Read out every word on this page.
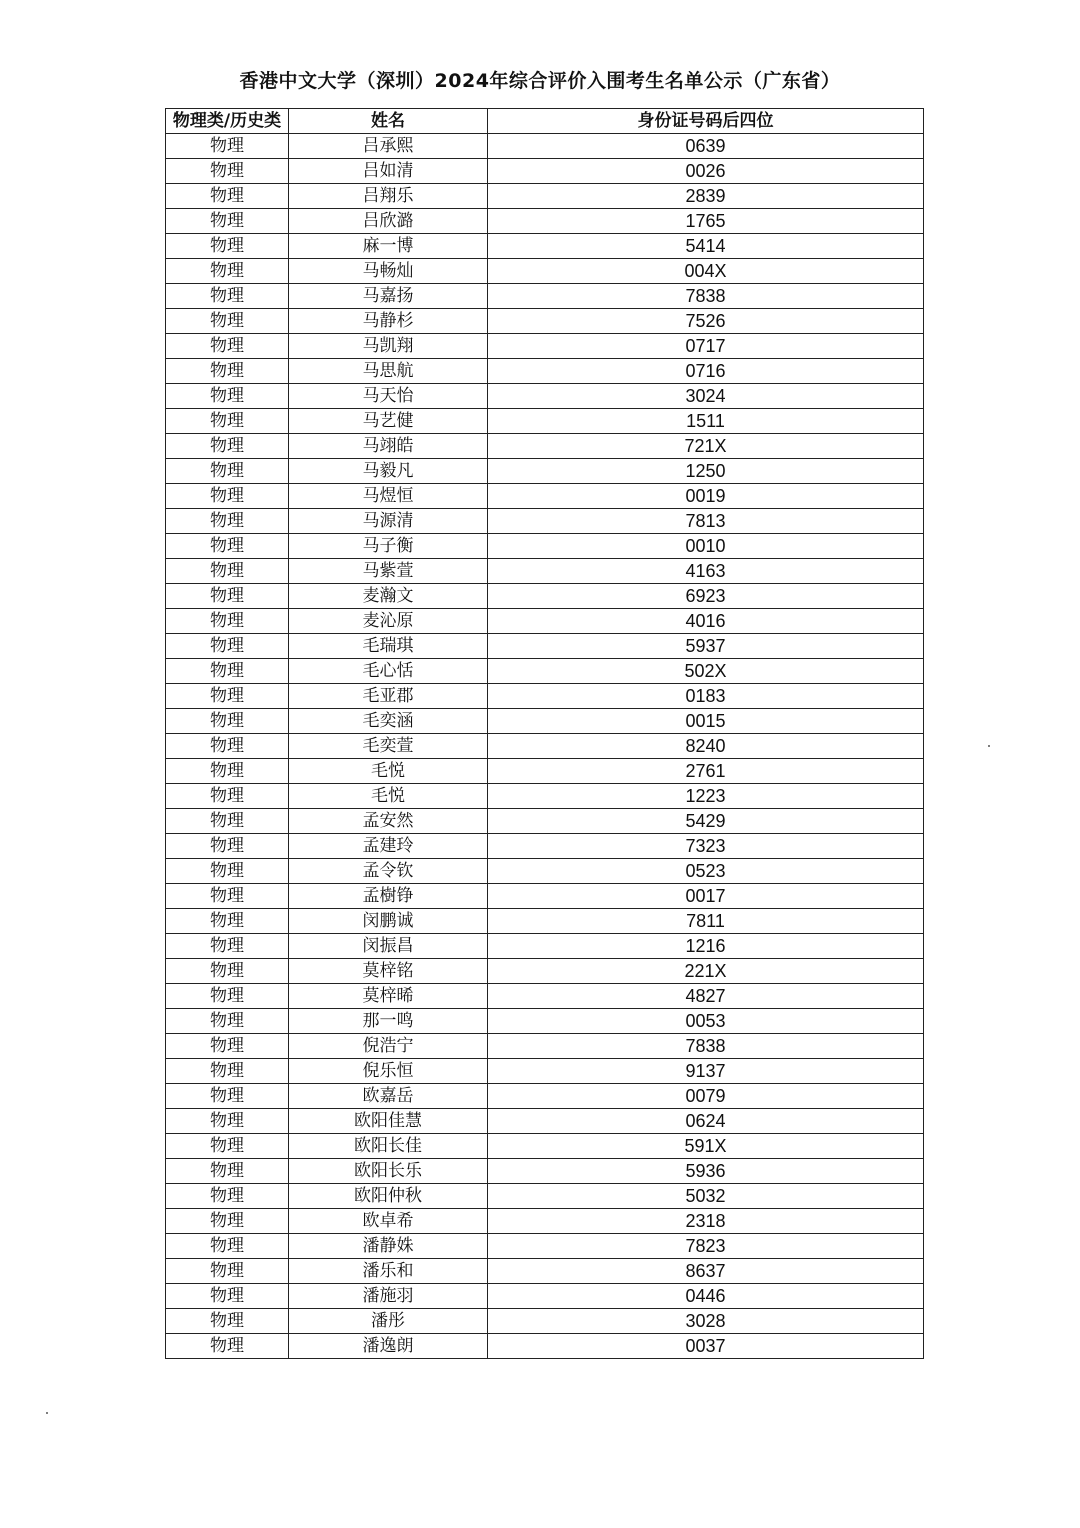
香港中文大学（深圳）2024年综合评价入围考生名单公示（广东省）
物理类/历史类	姓名	身份证号码后四位
物理	吕承熙	0639
物理	吕如清	0026
物理	吕翔乐	2839
物理	吕欣潞	1765
物理	麻一博	5414
物理	马畅灿	004X
物理	马嘉扬	7838
物理	马静杉	7526
物理	马凯翔	0717
物理	马思航	0716
物理	马天怡	3024
物理	马艺健	1511
物理	马翊皓	721X
物理	马毅凡	1250
物理	马煜恒	0019
物理	马源清	7813
物理	马子衡	0010
物理	马紫萱	4163
物理	麦瀚文	6923
物理	麦沁原	4016
物理	毛瑞琪	5937
物理	毛心恬	502X
物理	毛亚郡	0183
物理	毛奕涵	0015
物理	毛奕萱	8240
物理	毛悦	2761
物理	毛悦	1223
物理	孟安然	5429
物理	孟建玲	7323
物理	孟令钦	0523
物理	孟樹铮	0017
物理	闵鹏诚	7811
物理	闵振昌	1216
物理	莫梓铭	221X
物理	莫梓晞	4827
物理	那一鸣	0053
物理	倪浩宁	7838
物理	倪乐恒	9137
物理	欧嘉岳	0079
物理	欧阳佳慧	0624
物理	欧阳长佳	591X
物理	欧阳长乐	5936
物理	欧阳仲秋	5032
物理	欧卓希	2318
物理	潘静姝	7823
物理	潘乐和	8637
物理	潘施羽	0446
物理	潘彤	3028
物理	潘逸朗	0037
